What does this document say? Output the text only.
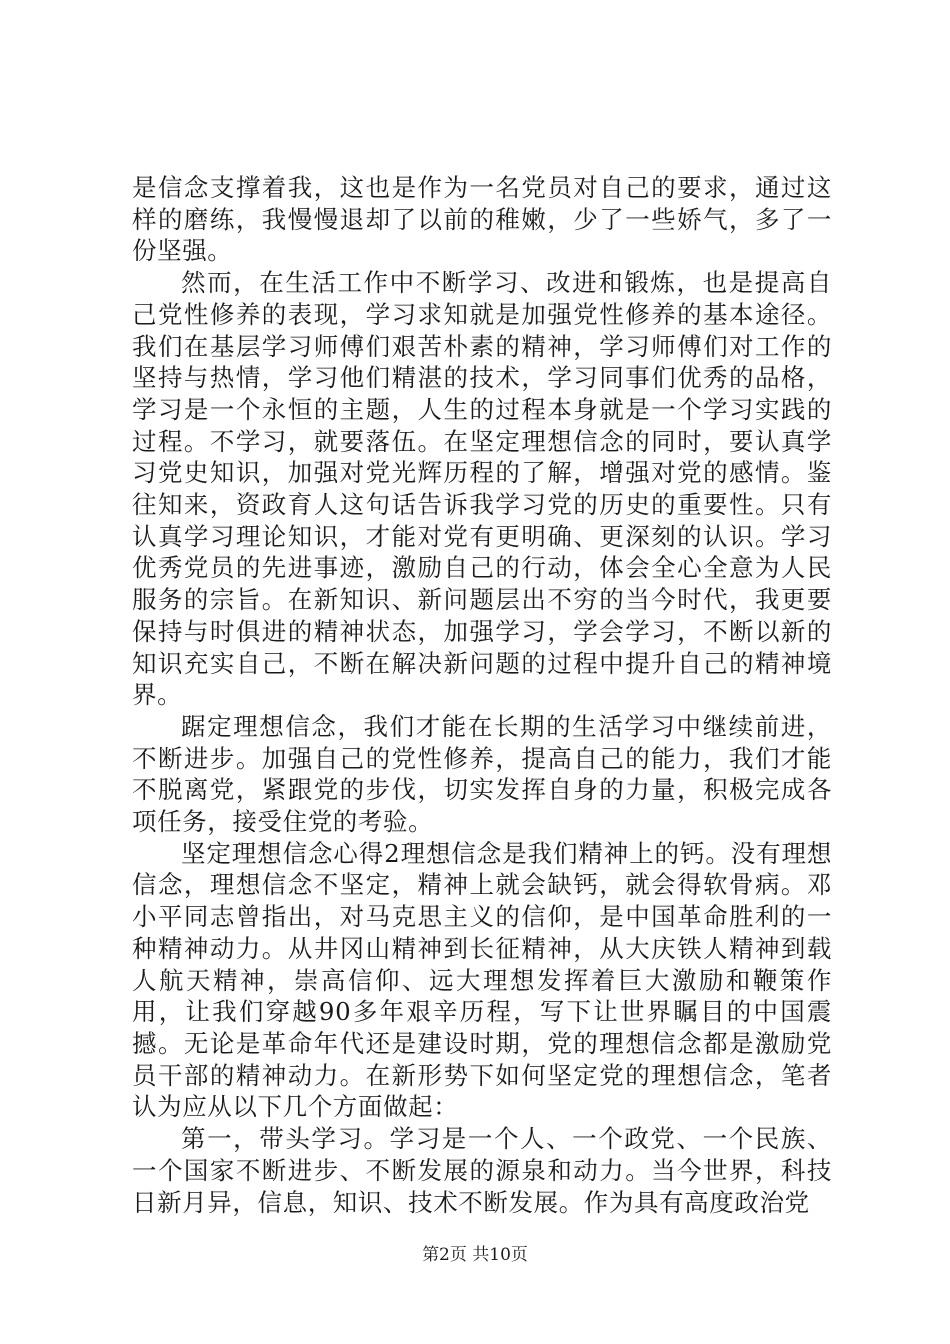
是信念支撑着我，这也是作为一名党员对自己的要求，通过这样的磨练，我慢慢退却了以前的稚嫩，少了一些娇气，多了一份坚强。

然而，在生活工作中不断学习、改进和锻炼，也是提高自己党性修养的表现，学习求知就是加强党性修养的基本途径。我们在基层学习师傅们艰苦朴素的精神，学习师傅们对工作的坚持与热情，学习他们精湛的技术，学习同事们优秀的品格，学习是一个永恒的主题，人生的过程本身就是一个学习实践的过程。不学习，就要落伍。在坚定理想信念的同时，要认真学习党史知识，加强对党光辉历程的了解，增强对党的感情。鉴往知来，资政育人这句话告诉我学习党的历史的重要性。只有认真学习理论知识，才能对党有更明确、更深刻的认识。学习优秀党员的先进事迹，激励自己的行动，体会全心全意为人民服务的宗旨。在新知识、新问题层出不穷的当今时代，我更要保持与时俱进的精神状态，加强学习，学会学习，不断以新的知识充实自己，不断在解决新问题的过程中提升自己的精神境界。

踞定理想信念，我们才能在长期的生活学习中继续前进，不断进步。加强自己的党性修养，提高自己的能力，我们才能不脱离党，紧跟党的步伐，切实发挥自身的力量，积极完成各项任务，接受住党的考验。

坚定理想信念心得2理想信念是我们精神上的钙。没有理想信念，理想信念不坚定，精神上就会缺钙，就会得软骨病。邓小平同志曾指出，对马克思主义的信仰，是中国革命胜利的一种精神动力。从井冈山精神到长征精神，从大庆铁人精神到载人航天精神，崇高信仰、远大理想发挥着巨大激励和鞭策作用，让我们穿越90多年艰辛历程，写下让世界瞩目的中国震撼。无论是革命年代还是建设时期，党的理想信念都是激励党员干部的精神动力。在新形势下如何坚定党的理想信念，笔者认为应从以下几个方面做起：

第一，带头学习。学习是一个人、一个政党、一个民族、一个国家不断进步、不断发展的源泉和动力。当今世界，科技日新月异，信息，知识、技术不断发展。作为具有高度政治党

第2页 共10页
